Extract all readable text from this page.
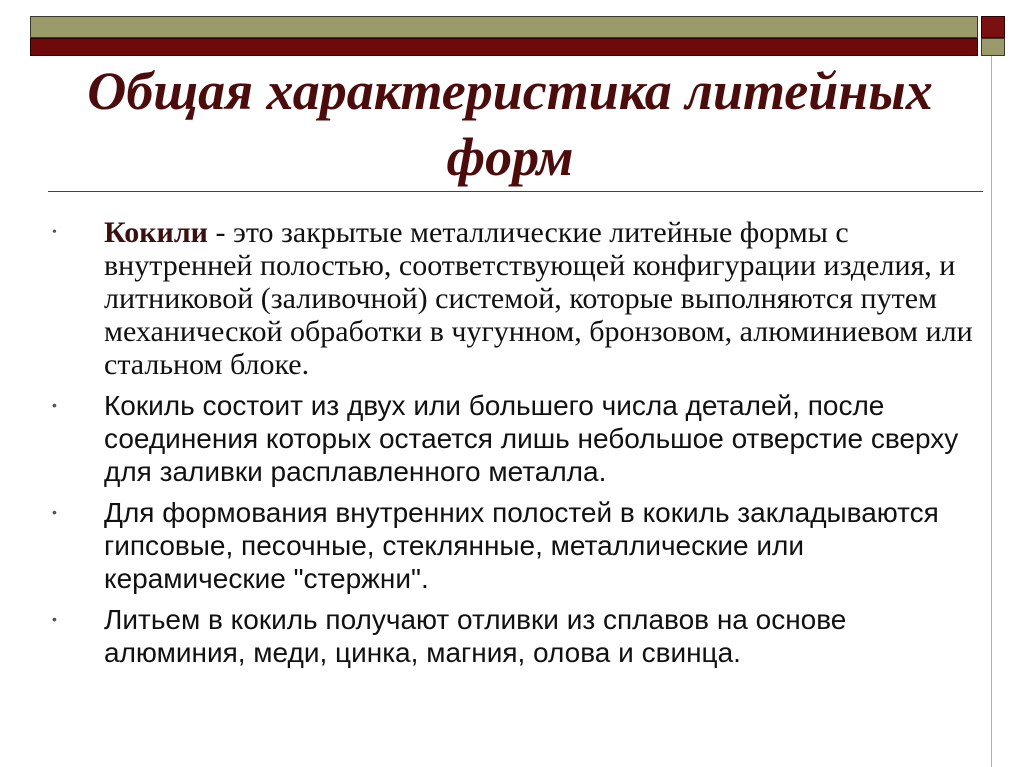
Общая характеристика литейных
форм
• Кокили - это закрытые металлические литейные формы с внутренней полостью, соответствующей конфигурации изделия, и литниковой (заливочной) системой, которые выполняются путем механической обработки в чугунном, бронзовом, алюминиевом или стальном блоке.
• Кокиль состоит из двух или большего числа деталей, после соединения которых остается лишь небольшое отверстие сверху для заливки расплавленного металла.
• Для формования внутренних полостей в кокиль закладываются гипсовые, песочные, стеклянные, металлические или керамические "стержни".
• Литьем в кокиль получают отливки из сплавов на основе алюминия, меди, цинка, магния, олова и свинца.
